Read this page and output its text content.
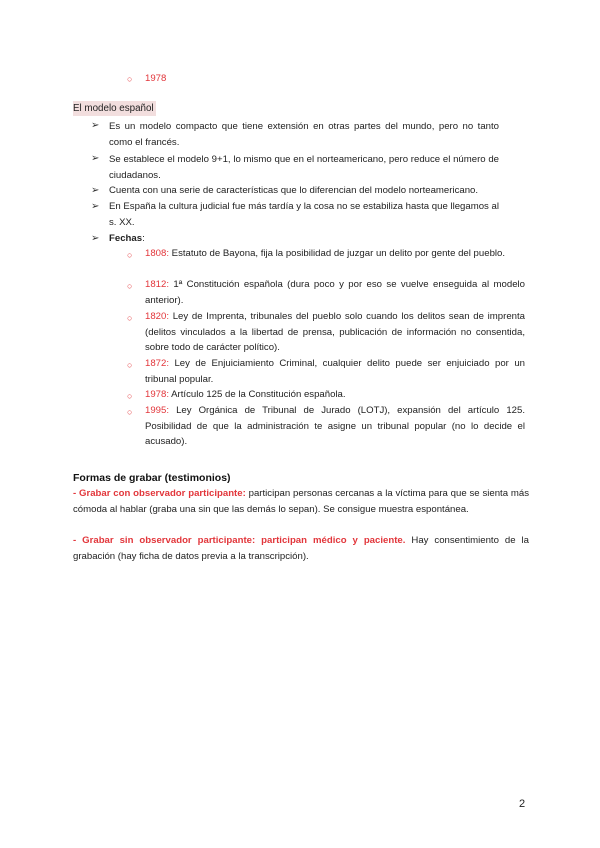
○ 1978
El modelo español
➢ Es un modelo compacto que tiene extensión en otras partes del mundo, pero no tanto como el francés.
➢ Se establece el modelo 9+1, lo mismo que en el norteamericano, pero reduce el número de ciudadanos.
➢ Cuenta con una serie de características que lo diferencian del modelo norteamericano.
➢ En España la cultura judicial fue más tardía y la cosa no se estabiliza hasta que llegamos al s. XX.
➢ Fechas:
○ 1808: Estatuto de Bayona, fija la posibilidad de juzgar un delito por gente del pueblo.
○ 1812: 1ª Constitución española (dura poco y por eso se vuelve enseguida al modelo anterior).
○ 1820: Ley de Imprenta, tribunales del pueblo solo cuando los delitos sean de imprenta (delitos vinculados a la libertad de prensa, publicación de información no consentida, sobre todo de carácter político).
○ 1872: Ley de Enjuiciamiento Criminal, cualquier delito puede ser enjuiciado por un tribunal popular.
○ 1978: Artículo 125 de la Constitución española.
○ 1995: Ley Orgánica de Tribunal de Jurado (LOTJ), expansión del artículo 125. Posibilidad de que la administración te asigne un tribunal popular (no lo decide el acusado).
Formas de grabar (testimonios)
- Grabar con observador participante: participan personas cercanas a la víctima para que se sienta más cómoda al hablar (graba una sin que las demás lo sepan). Se consigue muestra espontánea.
- Grabar sin observador participante: participan médico y paciente. Hay consentimiento de la grabación (hay ficha de datos previa a la transcripción).
2
